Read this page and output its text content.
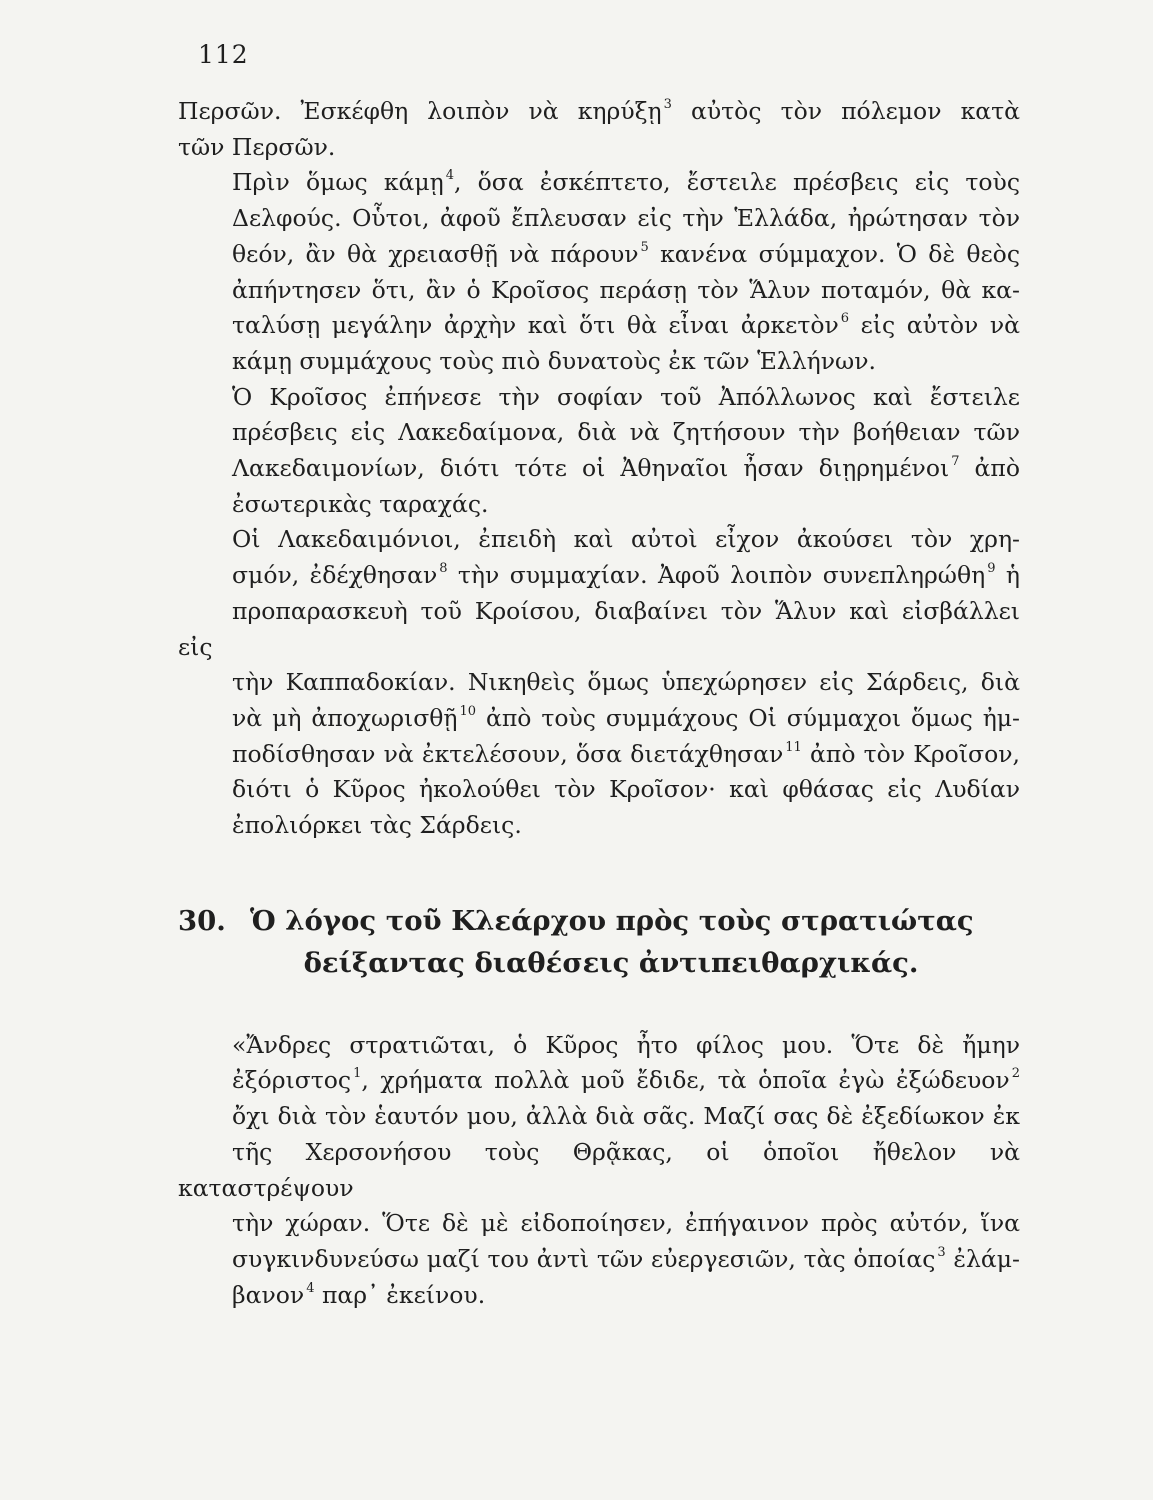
112
Περσῶν. Ἐσκέφθη λοιπὸν νὰ κηρύξῃ $^3$ αὐτὸς τὸν πόλεμον κατὰ
τῶν Περσῶν.
Πρὶν ὅμως κάμῃ $^4$, ὅσα ἐσκέπτετο, ἔστειλε πρέσβεις εἰς τοὺς
Δελφούς. Οὗτοι, ἀφοῦ ἔπλευσαν εἰς τὴν Ἑλλάδα, ἠρώτησαν τὸν
θεόν, ἂν θὰ χρειασθῇ νὰ πάρουν $^5$ κανένα σύμμαχον. Ὁ δὲ θεὸς
ἀπήντησεν ὅτι, ἂν ὁ Κροῖσος περάσῃ τὸν Ἅλυν ποταμόν, θὰ κα-
ταλύσῃ μεγάλην ἀρχὴν καὶ ὅτι θὰ εἶναι ἀρκετὸν $^6$ εἰς αὐτὸν νὰ
κάμῃ συμμάχους τοὺς πιὸ δυνατοὺς ἐκ τῶν Ἑλλήνων.
Ὁ Κροῖσος ἐπήνεσε τὴν σοφίαν τοῦ Ἀπόλλωνος καὶ ἔστειλε
πρέσβεις εἰς Λακεδαίμονα, διὰ νὰ ζητήσουν τὴν βοήθειαν τῶν
Λακεδαιμονίων, διότι τότε οἱ Ἀθηναῖοι ἦσαν διῃρημένοι $^7$ ἀπὸ
ἐσωτερικὰς ταραχάς.
Οἱ Λακεδαιμόνιοι, ἐπειδὴ καὶ αὐτοὶ εἶχον ἀκούσει τὸν χρη-
σμόν, ἐδέχθησαν $^8$ τὴν συμμαχίαν. Ἀφοῦ λοιπὸν συνεπληρώθη $^9$ ἡ
προπαρασκευὴ τοῦ Κροίσου, διαβαίνει τὸν Ἅλυν καὶ εἰσβάλλει εἰς
τὴν Καππαδοκίαν. Νικηθεὶς ὅμως ὑπεχώρησεν εἰς Σάρδεις, διὰ
νὰ μὴ ἀποχωρισθῇ $^{10}$ ἀπὸ τοὺς συμμάχους Οἱ σύμμαχοι ὅμως ἠμ-
ποδίσθησαν νὰ ἐκτελέσουν, ὅσα διετάχθησαν $^{11}$ ἀπὸ τὸν Κροῖσον,
διότι ὁ Κῦρος ἠκολούθει τὸν Κροῖσον· καὶ φθάσας εἰς Λυδίαν
ἐπολιόρκει τὰς Σάρδεις.
30. Ὁ λόγος τοῦ Κλεάρχου πρὸς τοὺς στρατιώτας
δείξαντας διαθέσεις ἀντιπειθαρχικάς.
«Ἄνδρες στρατιῶται, ὁ Κῦρος ἦτο φίλος μου. Ὅτε δὲ ἤμην
ἐξόριστος $^1$, χρήματα πολλὰ μοῦ ἔδιδε, τὰ ὁποῖα ἐγὼ ἐξώδευον $^2$
ὄχι διὰ τὸν ἑαυτόν μου, ἀλλὰ διὰ σᾶς. Μαζί σας δὲ ἐξεδίωκον ἐκ
τῆς Χερσονήσου τοὺς Θρᾷκας, οἱ ὁποῖοι ἤθελον νὰ καταστρέψουν
τὴν χώραν. Ὅτε δὲ μὲ εἰδοποίησεν, ἐπήγαινον πρὸς αὐτόν, ἵνα
συγκινδυνεύσω μαζί του ἀντὶ τῶν εὐεργεσιῶν, τὰς ὁποίας $^3$ ἐλάμ-
βανον $^4$ παρ᾿ ἐκείνου.
